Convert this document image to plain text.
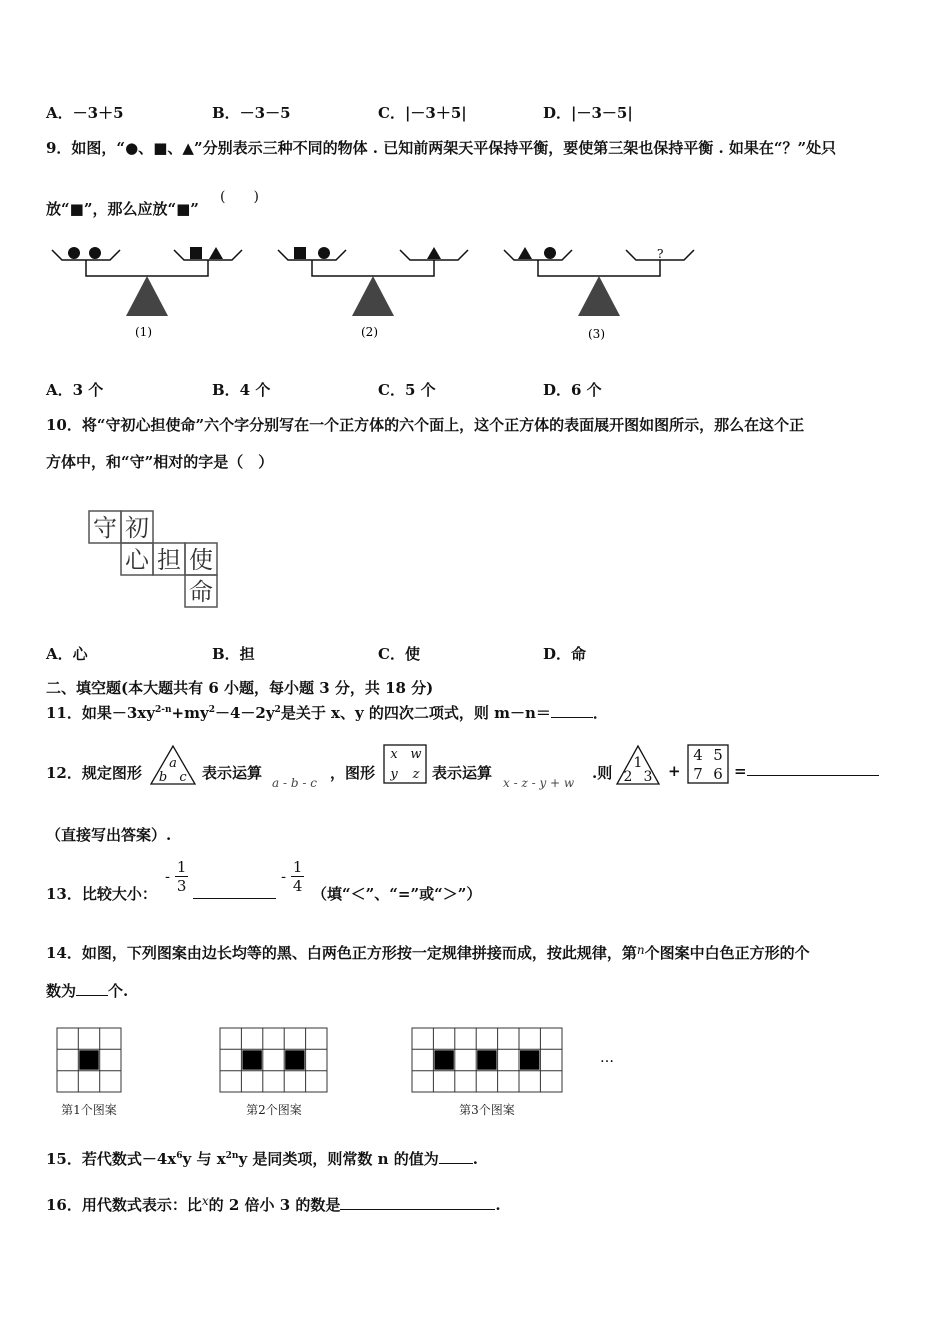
A．－3＋5	B．－3－5	C．|－3＋5|	D．|－3－5|
9．如图，“●、■、▲”分别表示三种不同的物体 . 已知前两架天平保持平衡，要使第三架也保持平衡 . 如果在“？”处只
放“■”，那么应放“■”
(　　)
?
(1)	(2)	(3)
A．3 个	B．4 个	C．5 个	D．6 个
10．将“守初心担使命”六个字分别写在一个正方体的六个面上，这个正方体的表面展开图如图所示，那么在这个正
方体中，和“守”相对的字是（　）
守 初
心 担 使
命
A．心	B．担	C．使	D．命
二、填空题(本大题共有 6 小题，每小题 3 分，共 18 分)
11．如果$-3xy^{2-n}+my^2-4-2y^2$是关于 x、y 的四次二项式，则 m－n＝	．
12．规定图形
a
b c 表示运算
a - b - c
，图形
x w
y z 表示运算
x - z - y + w
.则
1
2 3 +
4 5
7 6 =
（直接写出答案）.
13．比较大小：
- $\frac{1}{3}$	- $\frac{1}{4}$ （填“＜”、“=”或“＞”）
14．如图，下列图案由边长均等的黑、白两色正方形按一定规律拼接而成，按此规律，第$^n$个图案中白色正方形的个
数为 个.
第1个图案	第2个图案	第3个图案
…
15．若代数式$-4x^6y$ 与 $x^{2n}y$ 是同类项，则常数 n 的值为 .
16．用代数式表示：比$^x$的 2 倍小 3 的数是	.
